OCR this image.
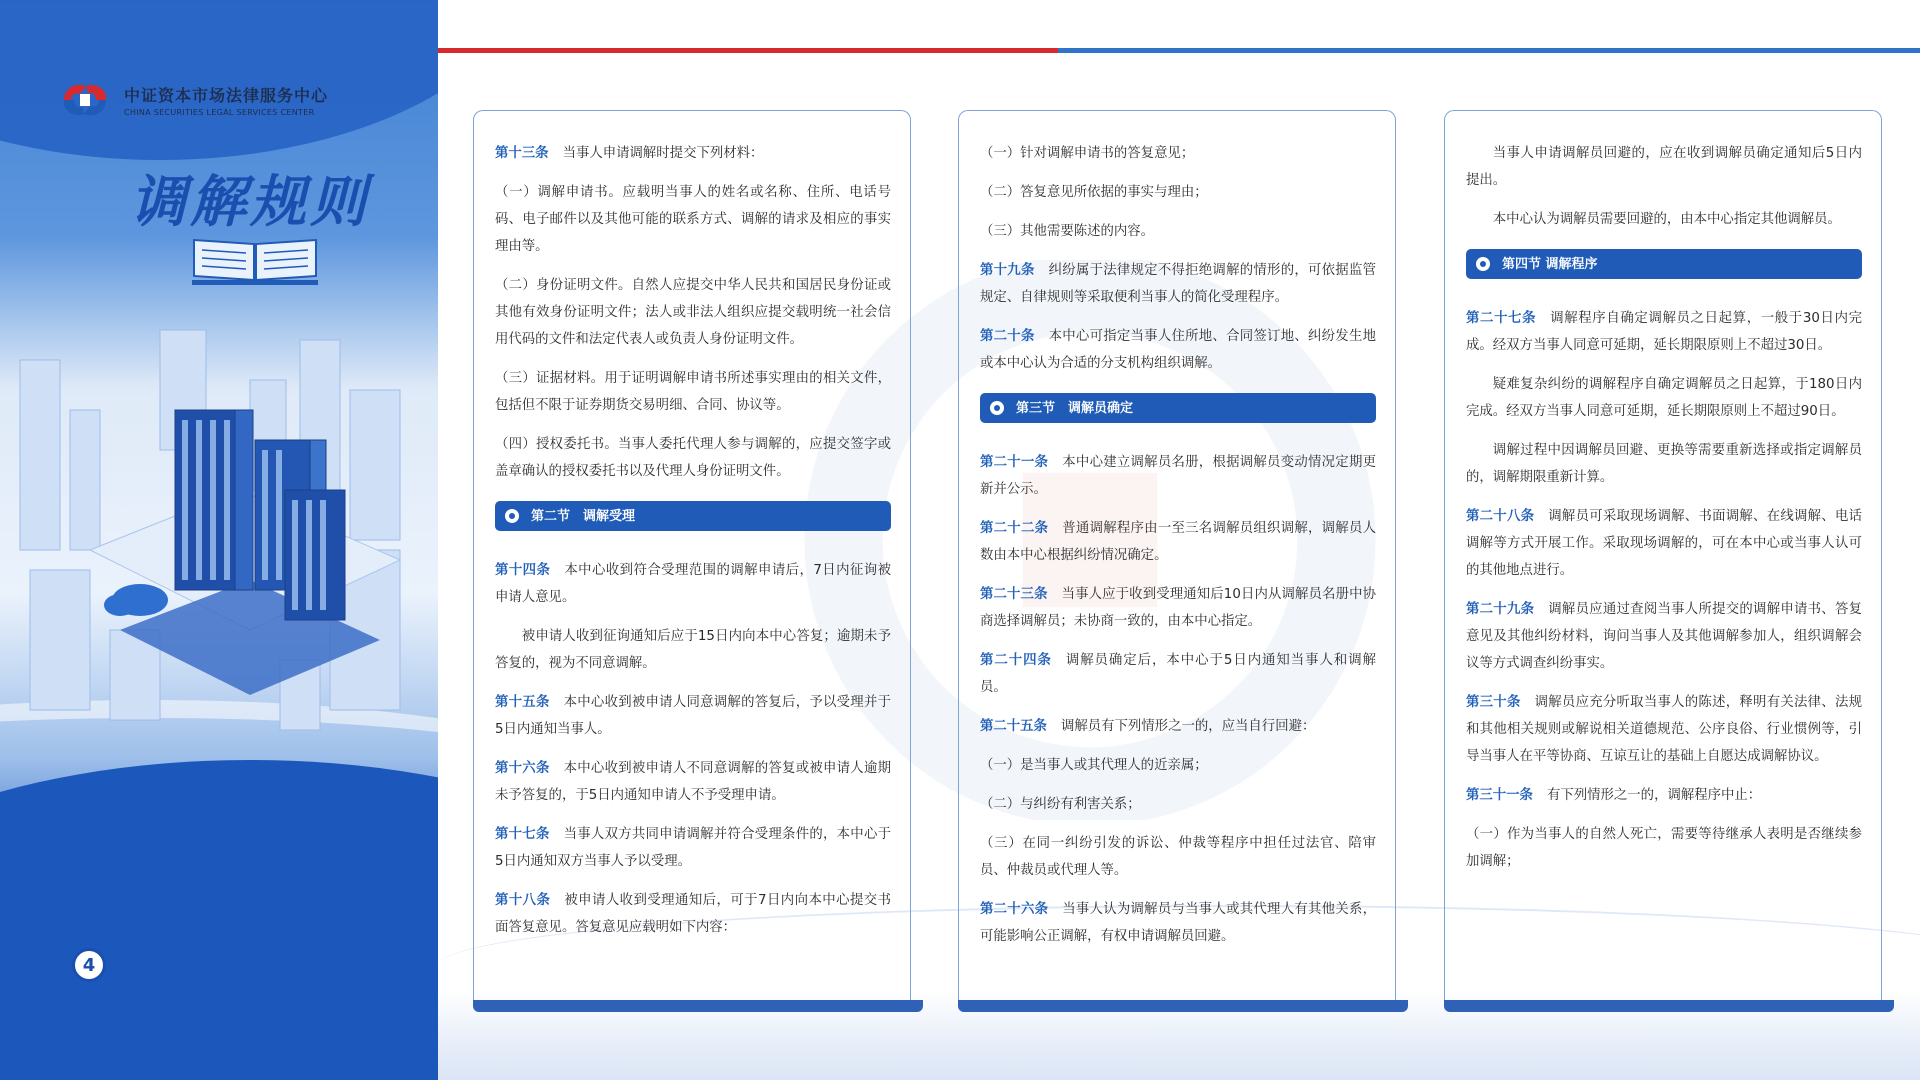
中证资本市场法律服务中心
CHINA SECURITIES LEGAL SERVICES CENTER
调解规则
4

第十三条 当事人申请调解时提交下列材料：

（一）调解申请书。应载明当事人的姓名或名称、住所、电话号码、电子邮件以及其他可能的联系方式、调解的请求及相应的事实理由等。

（二）身份证明文件。自然人应提交中华人民共和国居民身份证或其他有效身份证明文件；法人或非法人组织应提交载明统一社会信用代码的文件和法定代表人或负责人身份证明文件。

（三）证据材料。用于证明调解申请书所述事实理由的相关文件，包括但不限于证券期货交易明细、合同、协议等。

（四）授权委托书。当事人委托代理人参与调解的，应提交签字或盖章确认的授权委托书以及代理人身份证明文件。

第二节　调解受理

第十四条 本中心收到符合受理范围的调解申请后，7日内征询被申请人意见。

被申请人收到征询通知后应于15日内向本中心答复；逾期未予答复的，视为不同意调解。

第十五条 本中心收到被申请人同意调解的答复后，予以受理并于5日内通知当事人。

第十六条 本中心收到被申请人不同意调解的答复或被申请人逾期未予答复的，于5日内通知申请人不予受理申请。

第十七条 当事人双方共同申请调解并符合受理条件的，本中心于5日内通知双方当事人予以受理。

第十八条 被申请人收到受理通知后，可于7日内向本中心提交书面答复意见。答复意见应载明如下内容：

（一）针对调解申请书的答复意见；

（二）答复意见所依据的事实与理由；

（三）其他需要陈述的内容。

第十九条 纠纷属于法律规定不得拒绝调解的情形的，可依据监管规定、自律规则等采取便利当事人的简化受理程序。

第二十条 本中心可指定当事人住所地、合同签订地、纠纷发生地或本中心认为合适的分支机构组织调解。

第三节　调解员确定

第二十一条 本中心建立调解员名册，根据调解员变动情况定期更新并公示。

第二十二条 普通调解程序由一至三名调解员组织调解，调解员人数由本中心根据纠纷情况确定。

第二十三条 当事人应于收到受理通知后10日内从调解员名册中协商选择调解员；未协商一致的，由本中心指定。

第二十四条 调解员确定后，本中心于5日内通知当事人和调解员。

第二十五条 调解员有下列情形之一的，应当自行回避：

（一）是当事人或其代理人的近亲属；

（二）与纠纷有利害关系；

（三）在同一纠纷引发的诉讼、仲裁等程序中担任过法官、陪审员、仲裁员或代理人等。

第二十六条 当事人认为调解员与当事人或其代理人有其他关系，可能影响公正调解，有权申请调解员回避。

当事人申请调解员回避的，应在收到调解员确定通知后5日内提出。

本中心认为调解员需要回避的，由本中心指定其他调解员。

第四节 调解程序

第二十七条 调解程序自确定调解员之日起算，一般于30日内完成。经双方当事人同意可延期，延长期限原则上不超过30日。

疑难复杂纠纷的调解程序自确定调解员之日起算，于180日内完成。经双方当事人同意可延期，延长期限原则上不超过90日。

调解过程中因调解员回避、更换等需要重新选择或指定调解员的，调解期限重新计算。

第二十八条 调解员可采取现场调解、书面调解、在线调解、电话调解等方式开展工作。采取现场调解的，可在本中心或当事人认可的其他地点进行。

第二十九条 调解员应通过查阅当事人所提交的调解申请书、答复意见及其他纠纷材料，询问当事人及其他调解参加人，组织调解会议等方式调查纠纷事实。

第三十条 调解员应充分听取当事人的陈述，释明有关法律、法规和其他相关规则或解说相关道德规范、公序良俗、行业惯例等，引导当事人在平等协商、互谅互让的基础上自愿达成调解协议。

第三十一条 有下列情形之一的，调解程序中止：

（一）作为当事人的自然人死亡，需要等待继承人表明是否继续参加调解；
